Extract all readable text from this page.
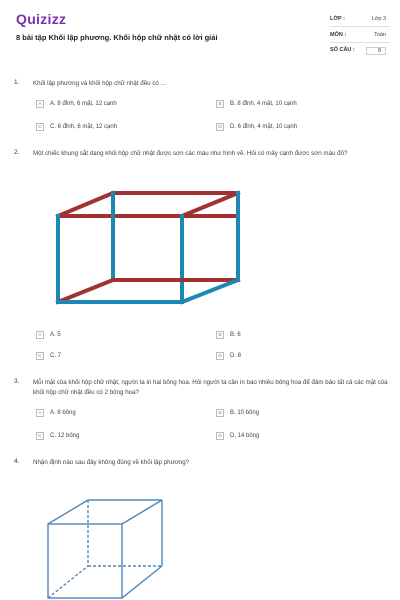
Quizizz
8 bài tập Khối lập phương. Khối hộp chữ nhật có lời giải
LỚP :	Lớp 3
MÔN :	Toán
SỐ CÂU :	8
1. Khối lập phương và khối hộp chữ nhật đều có ...
A	A. 8 đỉnh, 6 mặt, 12 cạnh	B	B. 8 đỉnh, 4 mặt, 10 cạnh
C	C. 6 đỉnh, 6 mặt, 12 cạnh	D	D. 6 đỉnh, 4 mặt, 10 cạnh
2. Một chiếc khung sắt dạng khối hộp chữ nhật được sơn các màu như hình vẽ. Hỏi có mấy cạnh được sơn màu đỏ?
A	A. 5	B	B. 6
C	C. 7	D	D. 8
3. Mỗi mặt của khối hộp chữ nhật, người ta in hai bông hoa. Hỏi người ta cần in bao nhiêu bông hoa để đảm bảo tất cả các mặt của khối hộp chữ nhật đều có 2 bông hoa?
A	A. 8 bông	B	B. 10 bông
C	C. 12 bông	D	D. 14 bông
4. Nhận định nào sau đây không đúng về khối lập phương?
